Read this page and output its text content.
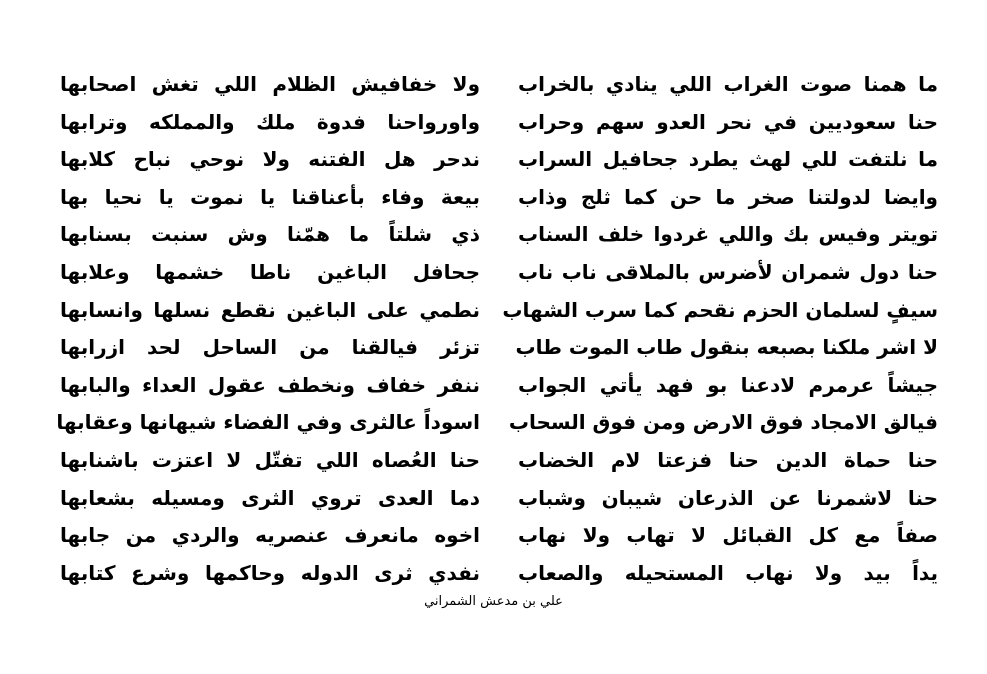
ما همنا صوت الغراب اللي ينادي بالخراب
حنا سعوديين في نحر العدو سهم وحراب
ما نلتفت للي لهث يطرد جحافيل السراب
وايضا لدولتنا صخر ما حن كما ثلج وذاب
تويتر وفيس بك واللي غردوا خلف السناب
حنا دول شمران لأضرس بالملاقى ناب ناب
سيفٍ لسلمان الحزم نقحم كما سرب الشهاب
لا اشر ملكنا بصبعه بنقول طاب الموت طاب
جيشاً عرمرم لادعنا بو فهد يأتي الجواب
فيالق الامجاد فوق الارض ومن فوق السحاب
حنا حماة الدين حنا فزعتا لام الخضاب
حنا لاشمرنا عن الذرعان شيبان وشباب
صفاً مع كل القبائل لا تهاب ولا نهاب
يداً بيد ولا نهاب المستحيله والصعاب
ولا خفافيش الظلام اللي تغش اصحابها
واورواحنا فدوة ملك والمملكه وترابها
ندحر هل الفتنه ولا نوحي نباح كلابها
بيعة وفاء بأعناقنا يا نموت يا نحيا بها
ذي شلتاً ما همّنا وش سنبت بسنابها
جحافل الباغين ناطا خشمها وعلابها
نطمي على الباغين نقطع نسلها وانسابها
تزئر فيالقنا من الساحل لحد ازرابها
ننفر خفاف ونخطف عقول العداء والبابها
اسوداً عالثرى وفي الفضاء شيهانها وعقابها
حنا العُصاه اللي تفتّل لا اعتزت باشنابها
دما العدى تروي الثرى ومسيله بشعابها
اخوه مانعرف عنصريه والردي من جابها
نفدي ثرى الدوله وحاكمها وشرع كتابها
علي بن مدعش الشمراني
